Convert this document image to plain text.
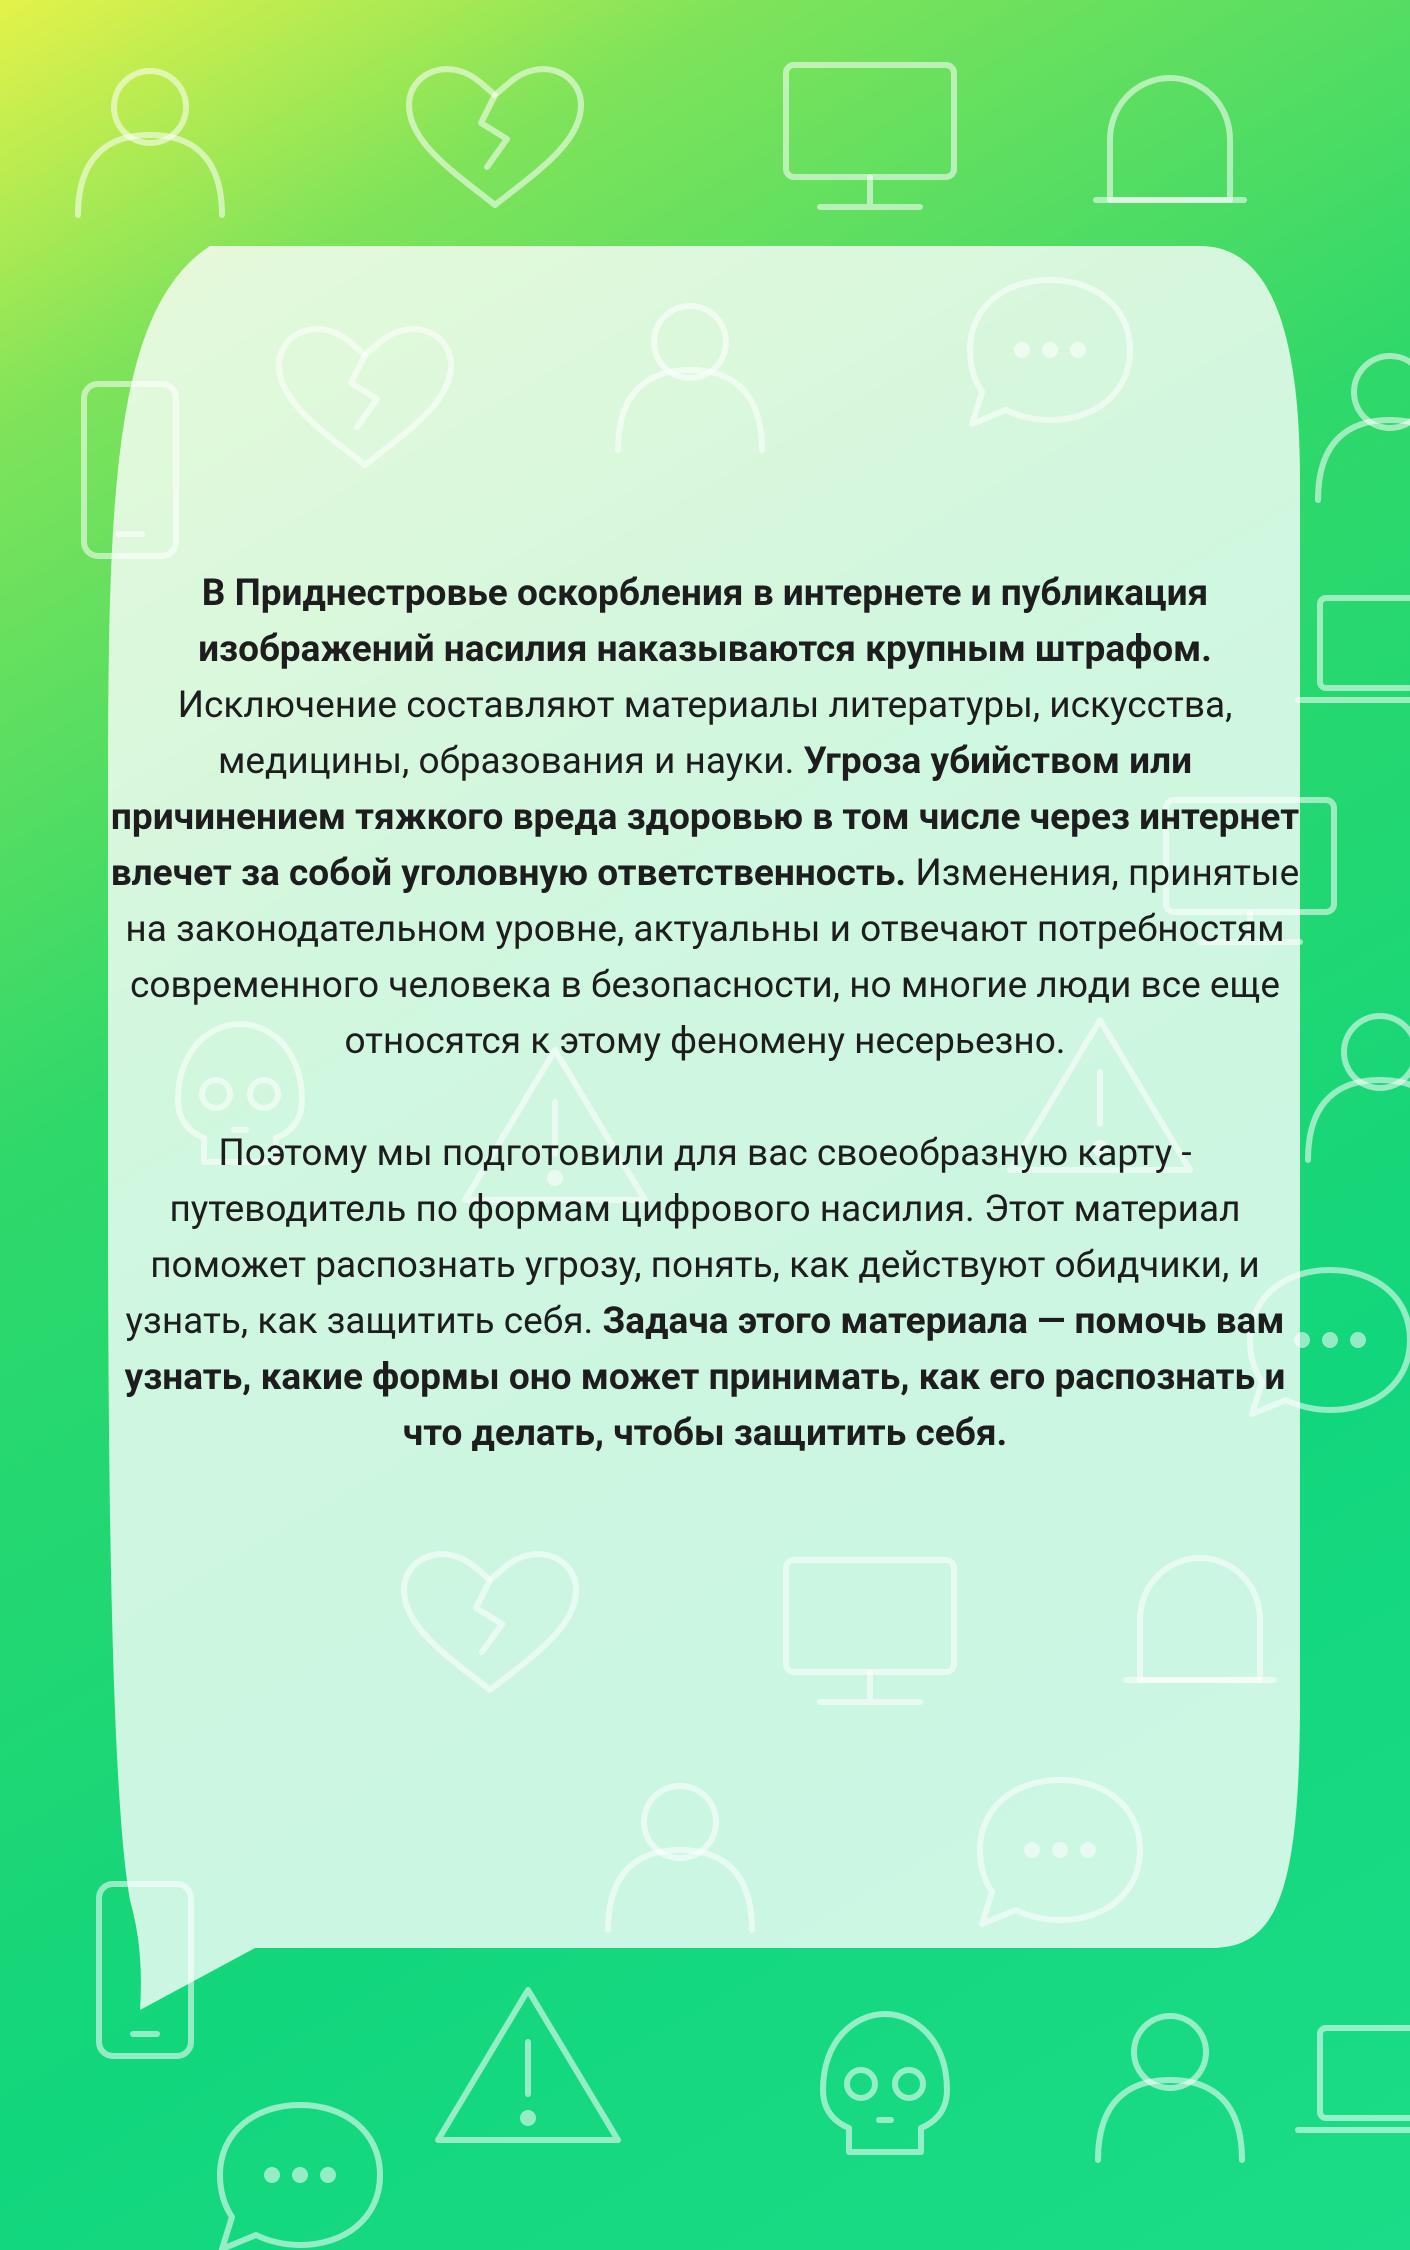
В Приднестровье оскорбления в интернете и публикация изображений насилия наказываются крупным штрафом. Исключение составляют материалы литературы, искусства, медицины, образования и науки. Угроза убийством или причинением тяжкого вреда здоровью в том числе через интернет влечет за собой уголовную ответственность. Изменения, принятые на законодательном уровне, актуальны и отвечают потребностям современного человека в безопасности, но многие люди все еще относятся к этому феномену несерьезно.

Поэтому мы подготовили для вас своеобразную карту - путеводитель по формам цифрового насилия. Этот материал поможет распознать угрозу, понять, как действуют обидчики, и узнать, как защитить себя. Задача этого материала — помочь вам узнать, какие формы оно может принимать, как его распознать и что делать, чтобы защитить себя.
